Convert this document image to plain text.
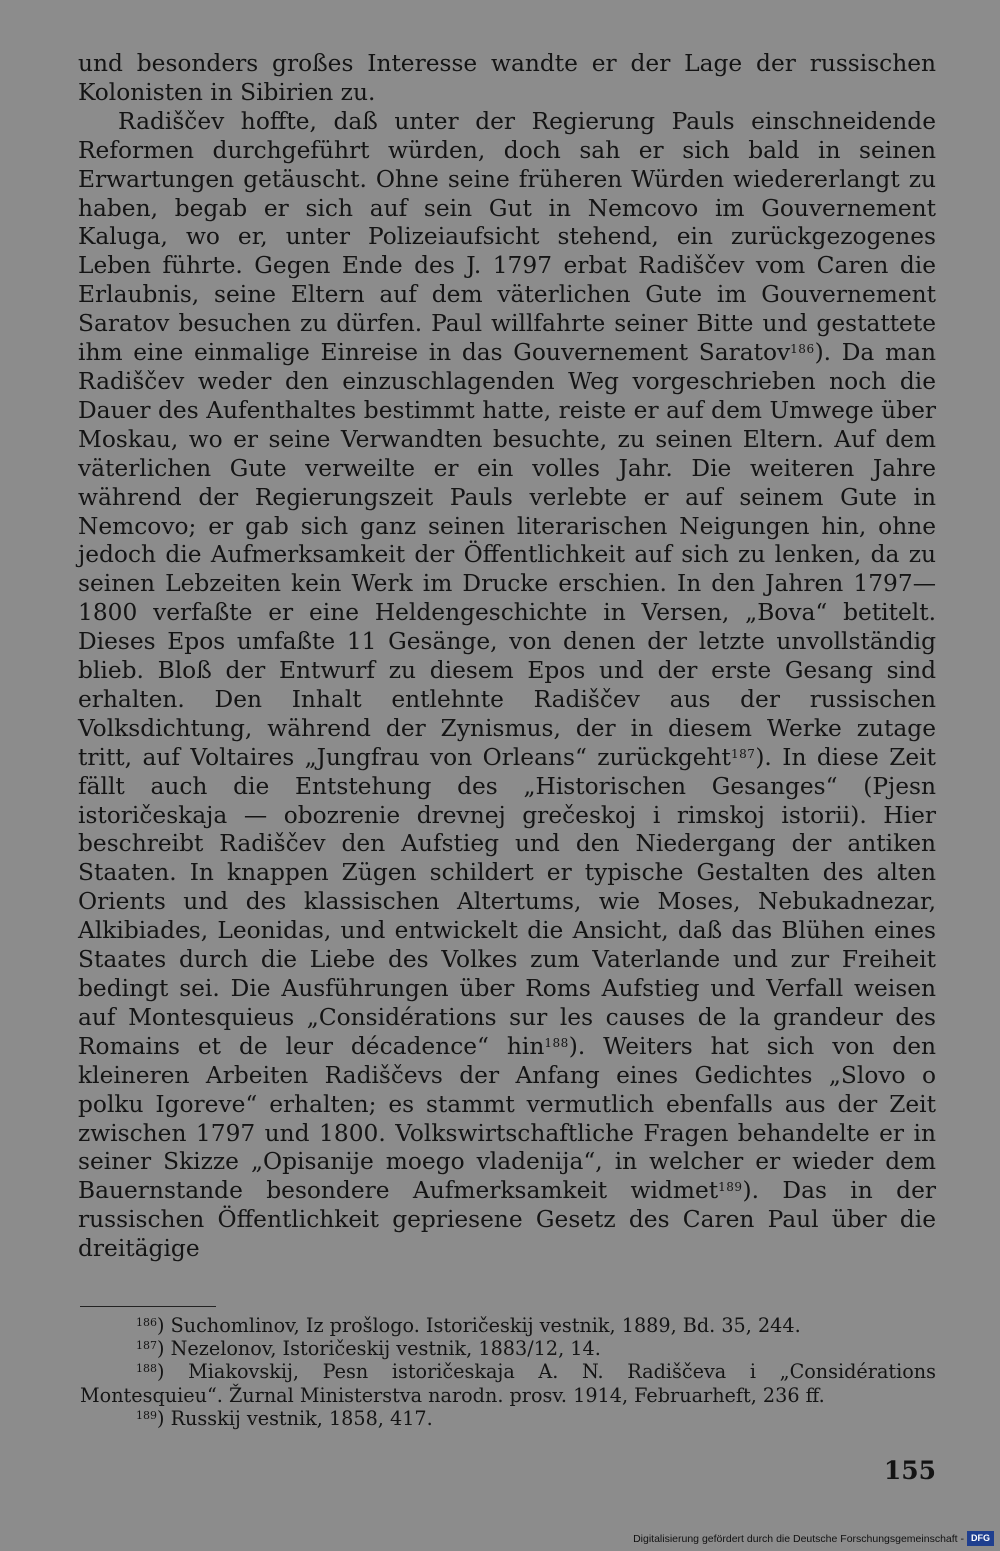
und besonders großes Interesse wandte er der Lage der russischen Kolonisten in Sibirien zu.

Radiščev hoffte, daß unter der Regierung Pauls einschneidende Reformen durchgeführt würden, doch sah er sich bald in seinen Erwartungen getäuscht. Ohne seine früheren Würden wiedererlangt zu haben, begab er sich auf sein Gut in Nemcovo im Gouvernement Kaluga, wo er, unter Polizeiaufsicht stehend, ein zurückgezogenes Leben führte. Gegen Ende des J. 1797 erbat Radiščev vom Caren die Erlaubnis, seine Eltern auf dem väterlichen Gute im Gouvernement Saratov besuchen zu dürfen. Paul willfahrte seiner Bitte und gestattete ihm eine einmalige Einreise in das Gouvernement Saratov$^{186}$). Da man Radiščev weder den einzuschlagenden Weg vorgeschrieben noch die Dauer des Aufenthaltes bestimmt hatte, reiste er auf dem Umwege über Moskau, wo er seine Verwandten besuchte, zu seinen Eltern. Auf dem väterlichen Gute verweilte er ein volles Jahr. Die weiteren Jahre während der Regierungszeit Pauls verlebte er auf seinem Gute in Nemcovo; er gab sich ganz seinen literarischen Neigungen hin, ohne jedoch die Aufmerksamkeit der Öffentlichkeit auf sich zu lenken, da zu seinen Lebzeiten kein Werk im Drucke erschien. In den Jahren 1797—1800 verfaßte er eine Heldengeschichte in Versen, „Bova“ betitelt. Dieses Epos umfaßte 11 Gesänge, von denen der letzte unvollständig blieb. Bloß der Entwurf zu diesem Epos und der erste Gesang sind erhalten. Den Inhalt entlehnte Radiščev aus der russischen Volksdichtung, während der Zynismus, der in diesem Werke zutage tritt, auf Voltaires „Jungfrau von Orleans“ zurückgeht$^{187}$). In diese Zeit fällt auch die Entstehung des „Historischen Gesanges“ (Pjesn istoričeskaja — obozrenie drevnej grečeskoj i rimskoj istorii). Hier beschreibt Radiščev den Aufstieg und den Niedergang der antiken Staaten. In knappen Zügen schildert er typische Gestalten des alten Orients und des klassischen Altertums, wie Moses, Nebukadnezar, Alkibiades, Leonidas, und entwickelt die Ansicht, daß das Blühen eines Staates durch die Liebe des Volkes zum Vaterlande und zur Freiheit bedingt sei. Die Ausführungen über Roms Aufstieg und Verfall weisen auf Montesquieus „Considérations sur les causes de la grandeur des Romains et de leur décadence“ hin$^{188}$). Weiters hat sich von den kleineren Arbeiten Radiščevs der Anfang eines Gedichtes „Slovo o polku Igoreve“ erhalten; es stammt vermutlich ebenfalls aus der Zeit zwischen 1797 und 1800. Volkswirtschaftliche Fragen behandelte er in seiner Skizze „Opisanije moego vladenija“, in welcher er wieder dem Bauernstande besondere Aufmerksamkeit widmet$^{189}$). Das in der russischen Öffentlichkeit gepriesene Gesetz des Caren Paul über die dreitägige

$^{186}$) Suchomlinov, Iz prošlogo. Istoričeskij vestnik, 1889, Bd. 35, 244.

$^{187}$) Nezelonov, Istoričeskij vestnik, 1883/12, 14.

$^{188}$) Miakovskij, Pesn istoričeskaja A. N. Radiščeva i „Considérations Montesquieu“. Žurnal Ministerstva narodn. prosv. 1914, Februarheft, 236 ff.

$^{189}$) Russkij vestnik, 1858, 417.

155
Digitalisierung gefördert durch die Deutsche Forschungsgemeinschaft - DFG
